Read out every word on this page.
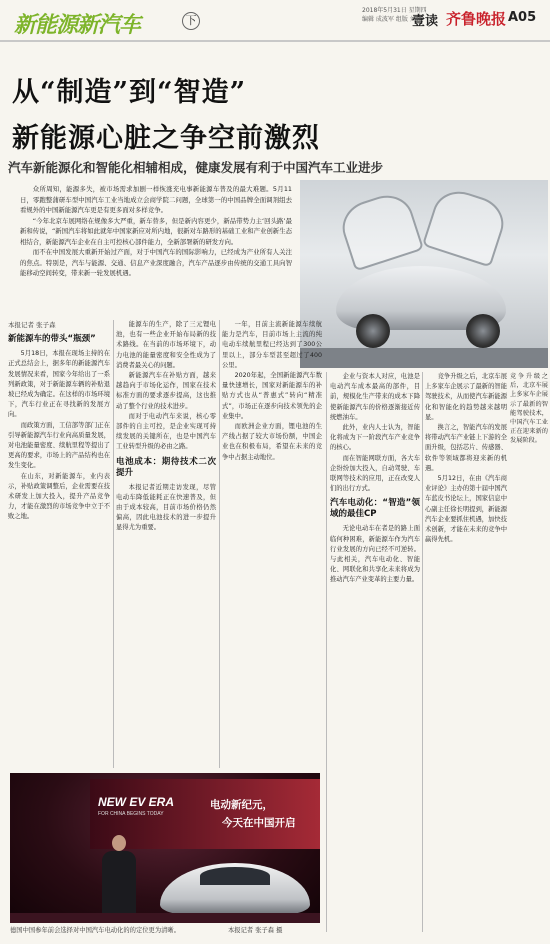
新能源新汽车	下
2018年5月31日 星期四
编辑 成波军 组版 刘蓉
壹读 齐鲁晚报 A05
从“制造”到“智造”
新能源心脏之争空前激烈
汽车新能源化和智能化相辅相成，健康发展有利于中国汽车工业进步

众所周知，能源多失，被市场需求加剧一样恢涨充电事新能源车普及的最大难题。5月11日，零跑整蒲研车型中国汽车工业当地成立会商学院二问题，全球第一的中国品牌全面调剂组去看规外的中国新能源汽车更是有更多面对多样竞争。

“今年北京车展网络在规像多大严重，新车替多，但是新内容更少，新品带势力主‘回头路’最新和传说，“新国汽车将如此就年中国家新应对所内地，很新对车路形的基础工业和产业创新生态相结合，新能源汽车企业在自主可控核心部件能力，全新部署新的研发方向。

而不在中国发展大重新开始过产面，对于中国汽车的国际影响力，已经成为产业所有人关注的焦点。特别是，汽车与能源、交通、信息产业深度融合，汽车产品逐步由传统的交通工具向智能移动空间转变，带来新一轮发展机遇。

本报记者 张子森
新能源车的带头“瓶颈”

5月18日，本报在现场主持的在正式总结会上，据多年的新能源汽车发展情况来看，国家今年给出了一系列新政策，对于新能源车辆的补贴退坡已经成为确定。在这样的市场环境下，汽车行业正在寻找新的发展方向。

而政策方面，工信部等部门正在引导新能源汽车行业向高质量发展，对电池能量密度、续航里程等提出了更高的要求，市场上的产品结构也在发生变化。

在山东，对新能源车，业内表示，补贴政策调整后，企业需要在技术研发上加大投入，提升产品竞争力，才能在激烈的市场竞争中立于不败之地。

能源车的生产，除了三元锂电池，也有一些企业开始布局新的技术路线。在当前的市场环境下，动力电池的能量密度和安全性成为了消费者最关心的问题。

新能源汽车在补贴方面，越来越趋向于市场化运作，国家在技术标准方面的要求逐步提高，这也推动了整个行业的技术进步。

而对于电动汽车来说，核心零部件的自主可控，是企业实现可持续发展的关键所在，也是中国汽车工业转型升级的必由之路。

电池成本：期待技术二次提升

本报记者近期走访发现，尽管电动车降低能耗正在快速普及，但由于成本较高，目前市场价格仍然偏高，因此电池技术的进一步提升显得尤为重要。

一年，目前主流新能源车续航能力是汽车，目前市场上主流的纯电动车续航里程已经达到了300公里以上，部分车型甚至超过了400公里。

2020年起，全国新能源汽车数量快速增长，国家对新能源车的补贴方式也从“普惠式”转向“精准式”，市场正在逐步向技术领先的企业集中。

而欧洲企业方面，锂电池的生产线占据了较大市场份额，中国企业也在积极布局，希望在未来的竞争中占据主动地位。

企业与资本人对应，电池是电动汽车成本最高的部件，目前，规模化生产带来的成本下降使新能源汽车的价格逐渐接近传统燃油车。

此外，业内人士认为，智能化将成为下一阶段汽车产业竞争的核心。

而在智能网联方面，各大车企纷纷加大投入，自动驾驶、车联网等技术的应用，正在改变人们的出行方式。

汽车电动化：“智造”领域的最佳CP

无论电动车在者是的路上面临何种困难，新能源车作为汽车行业发展的方向已经不可逆转。与此相关，汽车电动化、智能化、网联化和共享化未来将成为推动汽车产业变革的主要力量。

竞争升级之后，北京车展上多家车企展示了最新的智能驾驶技术，从而使汽车新能源化和智能化的趋势越来越明显。

换言之，智能汽车的发展将带动汽车产业链上下游的全面升级，包括芯片、传感器、软件等领域都将迎来新的机遇。

5月12日，在由《汽车商业评论》主办的第十届中国汽车蓝皮书论坛上，国家信息中心副主任徐长明提到，新能源汽车企业要抓住机遇，加快技术创新，才能在未来的竞争中赢得先机。

竞争升级之后，北京车展上多家车企展示了最新的智能驾驶技术，中国汽车工业正在迎来新的发展阶段。
NEW EV ERA
FOR CHINA BEGINS TODAY
电动新纪元，
今天在中国开启
德国中国参年前会选择对中国汽车电动化的的定位更为清晰。	本报记者 张子森 摄
